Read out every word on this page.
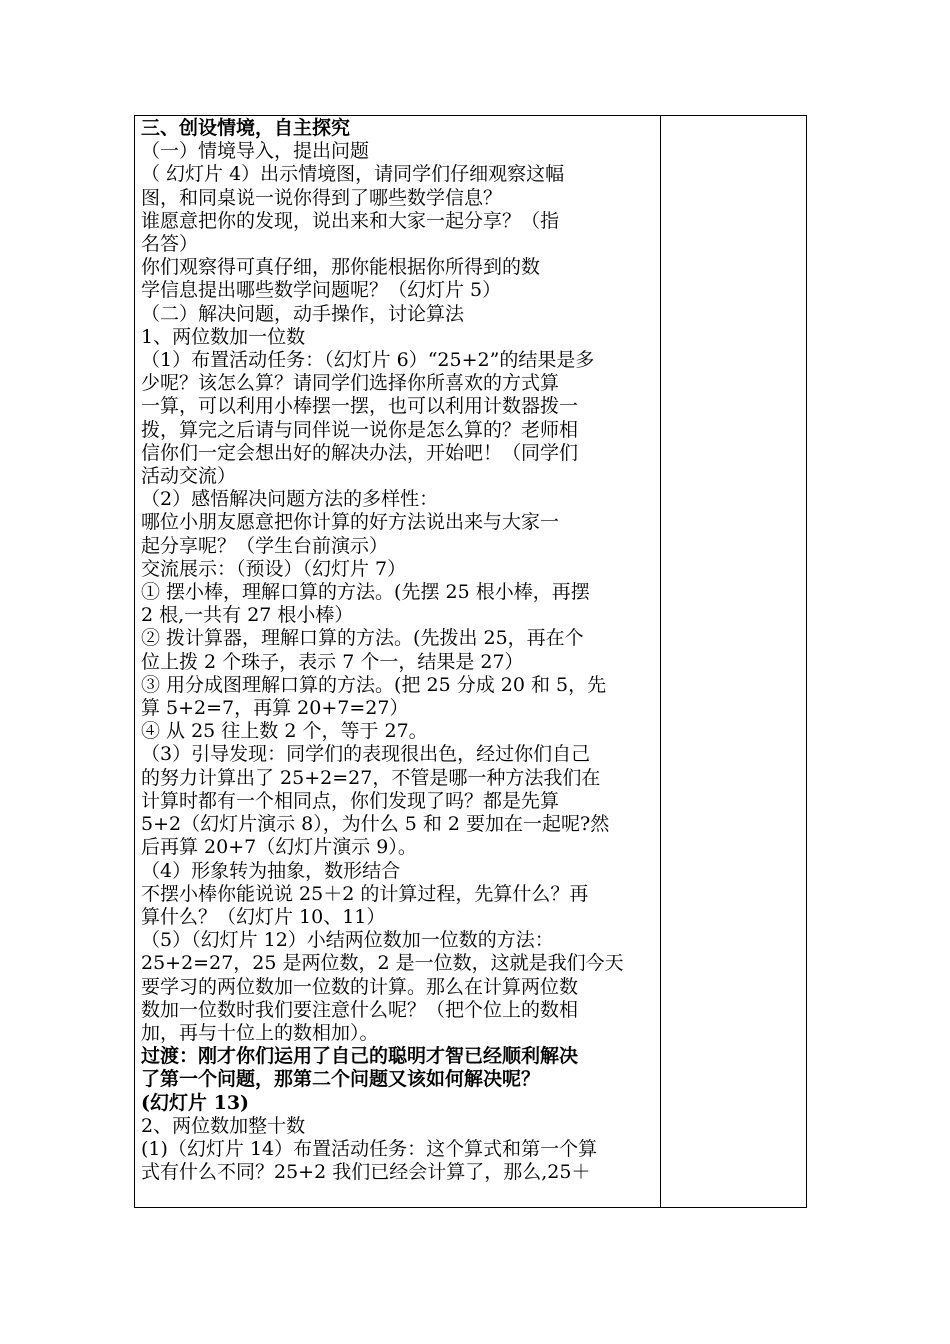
三、创设情境，自主探究
（一）情境导入，提出问题
（ 幻灯片 4）出示情境图，请同学们仔细观察这幅
图，和同桌说一说你得到了哪些数学信息？
谁愿意把你的发现，说出来和大家一起分享？（指
名答）
你们观察得可真仔细，那你能根据你所得到的数
学信息提出哪些数学问题呢？（幻灯片 5）
（二）解决问题，动手操作，讨论算法
1、两位数加一位数
（1）布置活动任务：（幻灯片 6）“25+2”的结果是多
少呢？该怎么算？请同学们选择你所喜欢的方式算
一算，可以利用小棒摆一摆，也可以利用计数器拨一
拨，算完之后请与同伴说一说你是怎么算的？老师相
信你们一定会想出好的解决办法，开始吧！（同学们
活动交流）
（2）感悟解决问题方法的多样性：
哪位小朋友愿意把你计算的好方法说出来与大家一
起分享呢？（学生台前演示）
交流展示：（预设）（幻灯片 7）
① 摆小棒，理解口算的方法。(先摆 25 根小棒，再摆
2 根,一共有 27 根小棒）
② 拨计算器，理解口算的方法。(先拨出 25，再在个
位上拨 2 个珠子，表示 7 个一，结果是 27）
③ 用分成图理解口算的方法。(把 25 分成 20 和 5，先
算 5+2=7，再算 20+7=27）
④ 从 25 往上数 2 个，等于 27。
（3）引导发现：同学们的表现很出色，经过你们自己
的努力计算出了 25+2=27，不管是哪一种方法我们在
计算时都有一个相同点，你们发现了吗？都是先算
5+2（幻灯片演示 8），为什么 5 和 2 要加在一起呢?然
后再算 20+7（幻灯片演示 9）。
（4）形象转为抽象，数形结合
不摆小棒你能说说 25＋2 的计算过程，先算什么？再
算什么？（幻灯片 10、11）
（5）（幻灯片 12）小结两位数加一位数的方法：
25+2=27，25 是两位数，2 是一位数，这就是我们今天
要学习的两位数加一位数的计算。那么在计算两位数
数加一位数时我们要注意什么呢？（把个位上的数相
加，再与十位上的数相加）。
过渡：刚才你们运用了自己的聪明才智已经顺利解决
了第一个问题，那第二个问题又该如何解决呢？
(幻灯片 13)
2、两位数加整十数
(1)（幻灯片 14）布置活动任务：这个算式和第一个算
式有什么不同？25+2 我们已经会计算了，那么,25＋
